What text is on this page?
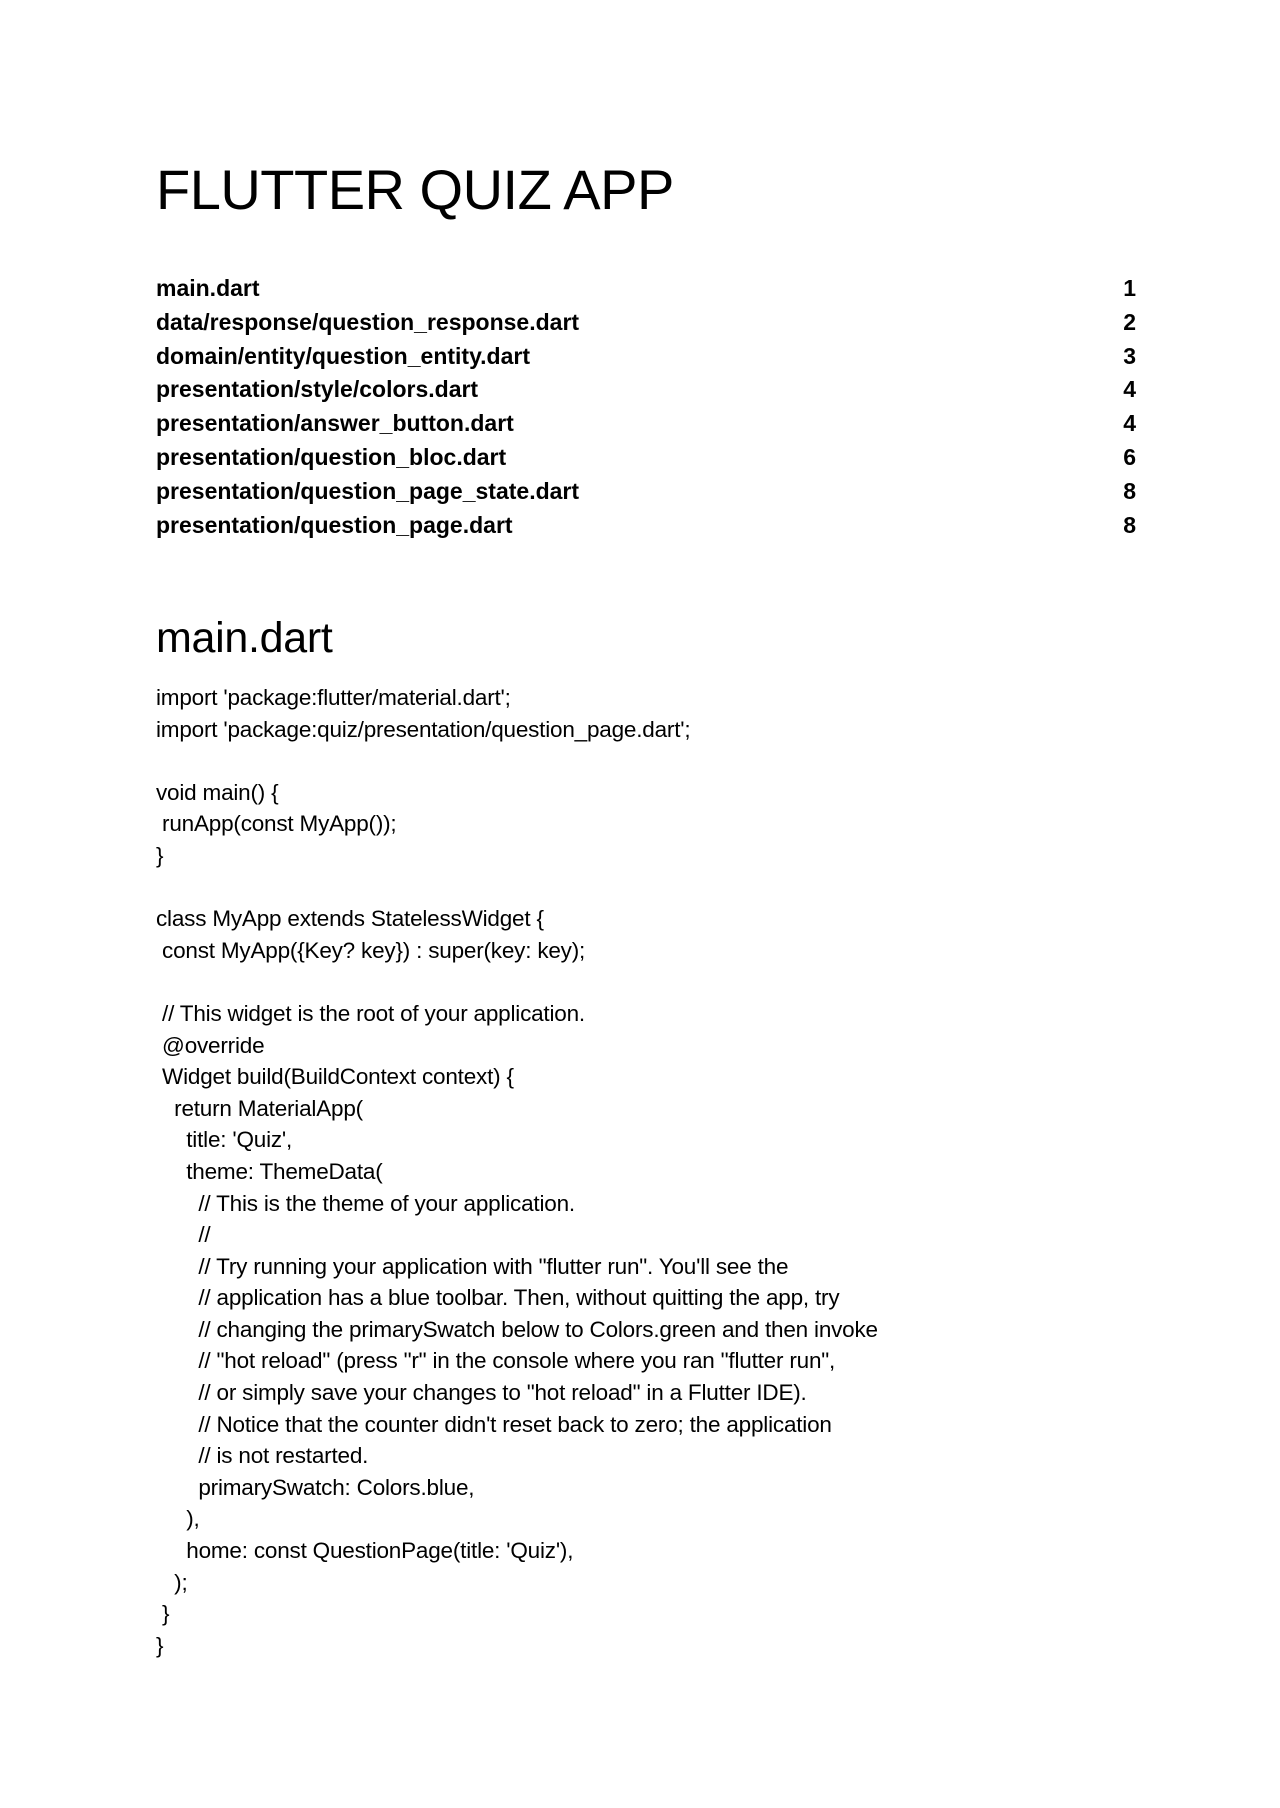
FLUTTER QUIZ APP
main.dart	1
data/response/question_response.dart	2
domain/entity/question_entity.dart	3
presentation/style/colors.dart	4
presentation/answer_button.dart	4
presentation/question_bloc.dart	6
presentation/question_page_state.dart	8
presentation/question_page.dart	8
main.dart
import 'package:flutter/material.dart';
import 'package:quiz/presentation/question_page.dart';
void main() {
runApp(const MyApp());
}
class MyApp extends StatelessWidget {
const MyApp({Key? key}) : super(key: key);
// This widget is the root of your application.
@override
Widget build(BuildContext context) {
return MaterialApp(
title: 'Quiz',
theme: ThemeData(
// This is the theme of your application.
//
// Try running your application with "flutter run". You'll see the
// application has a blue toolbar. Then, without quitting the app, try
// changing the primarySwatch below to Colors.green and then invoke
// "hot reload" (press "r" in the console where you ran "flutter run",
// or simply save your changes to "hot reload" in a Flutter IDE).
// Notice that the counter didn't reset back to zero; the application
// is not restarted.
primarySwatch: Colors.blue,
),
home: const QuestionPage(title: 'Quiz'),
);
}
}
